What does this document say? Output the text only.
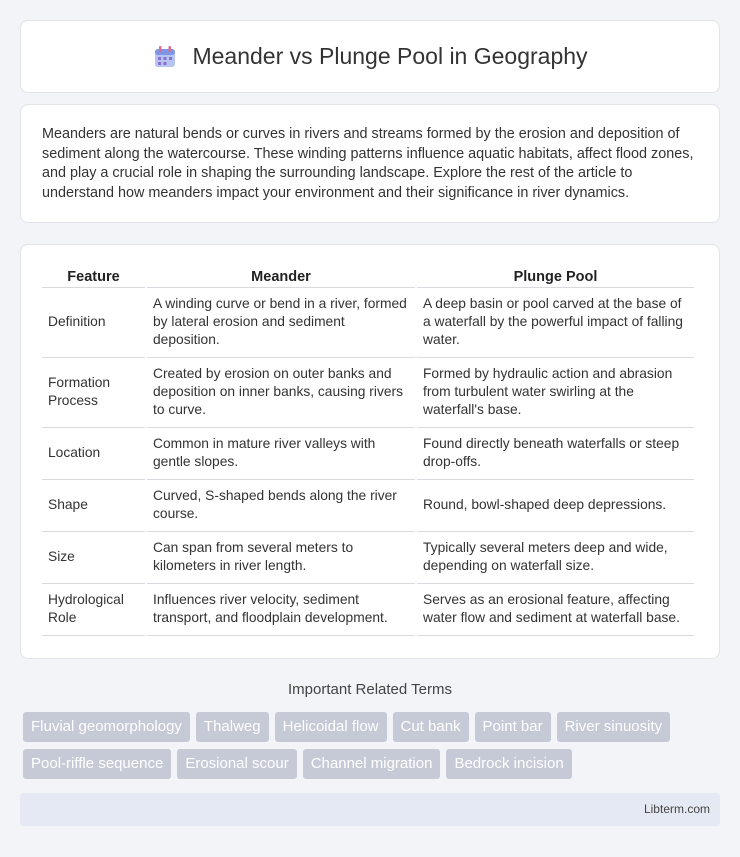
Meander vs Plunge Pool in Geography

Meanders are natural bends or curves in rivers and streams formed by the erosion and deposition of sediment along the watercourse. These winding patterns influence aquatic habitats, affect flood zones, and play a crucial role in shaping the surrounding landscape. Explore the rest of the article to understand how meanders impact your environment and their significance in river dynamics.

Feature	Meander	Plunge Pool
Definition	A winding curve or bend in a river, formed by lateral erosion and sediment deposition.	A deep basin or pool carved at the base of a waterfall by the powerful impact of falling water.
Formation Process	Created by erosion on outer banks and deposition on inner banks, causing rivers to curve.	Formed by hydraulic action and abrasion from turbulent water swirling at the waterfall's base.
Location	Common in mature river valleys with gentle slopes.	Found directly beneath waterfalls or steep drop-offs.
Shape	Curved, S-shaped bends along the river course.	Round, bowl-shaped deep depressions.
Size	Can span from several meters to kilometers in river length.	Typically several meters deep and wide, depending on waterfall size.
Hydrological Role	Influences river velocity, sediment transport, and floodplain development.	Serves as an erosional feature, affecting water flow and sediment at waterfall base.
Important Related Terms
Fluvial geomorphology	Thalweg	Helicoidal flow	Cut bank	Point bar	River sinuosity
Pool-riffle sequence	Erosional scour	Channel migration	Bedrock incision
Libterm.com
